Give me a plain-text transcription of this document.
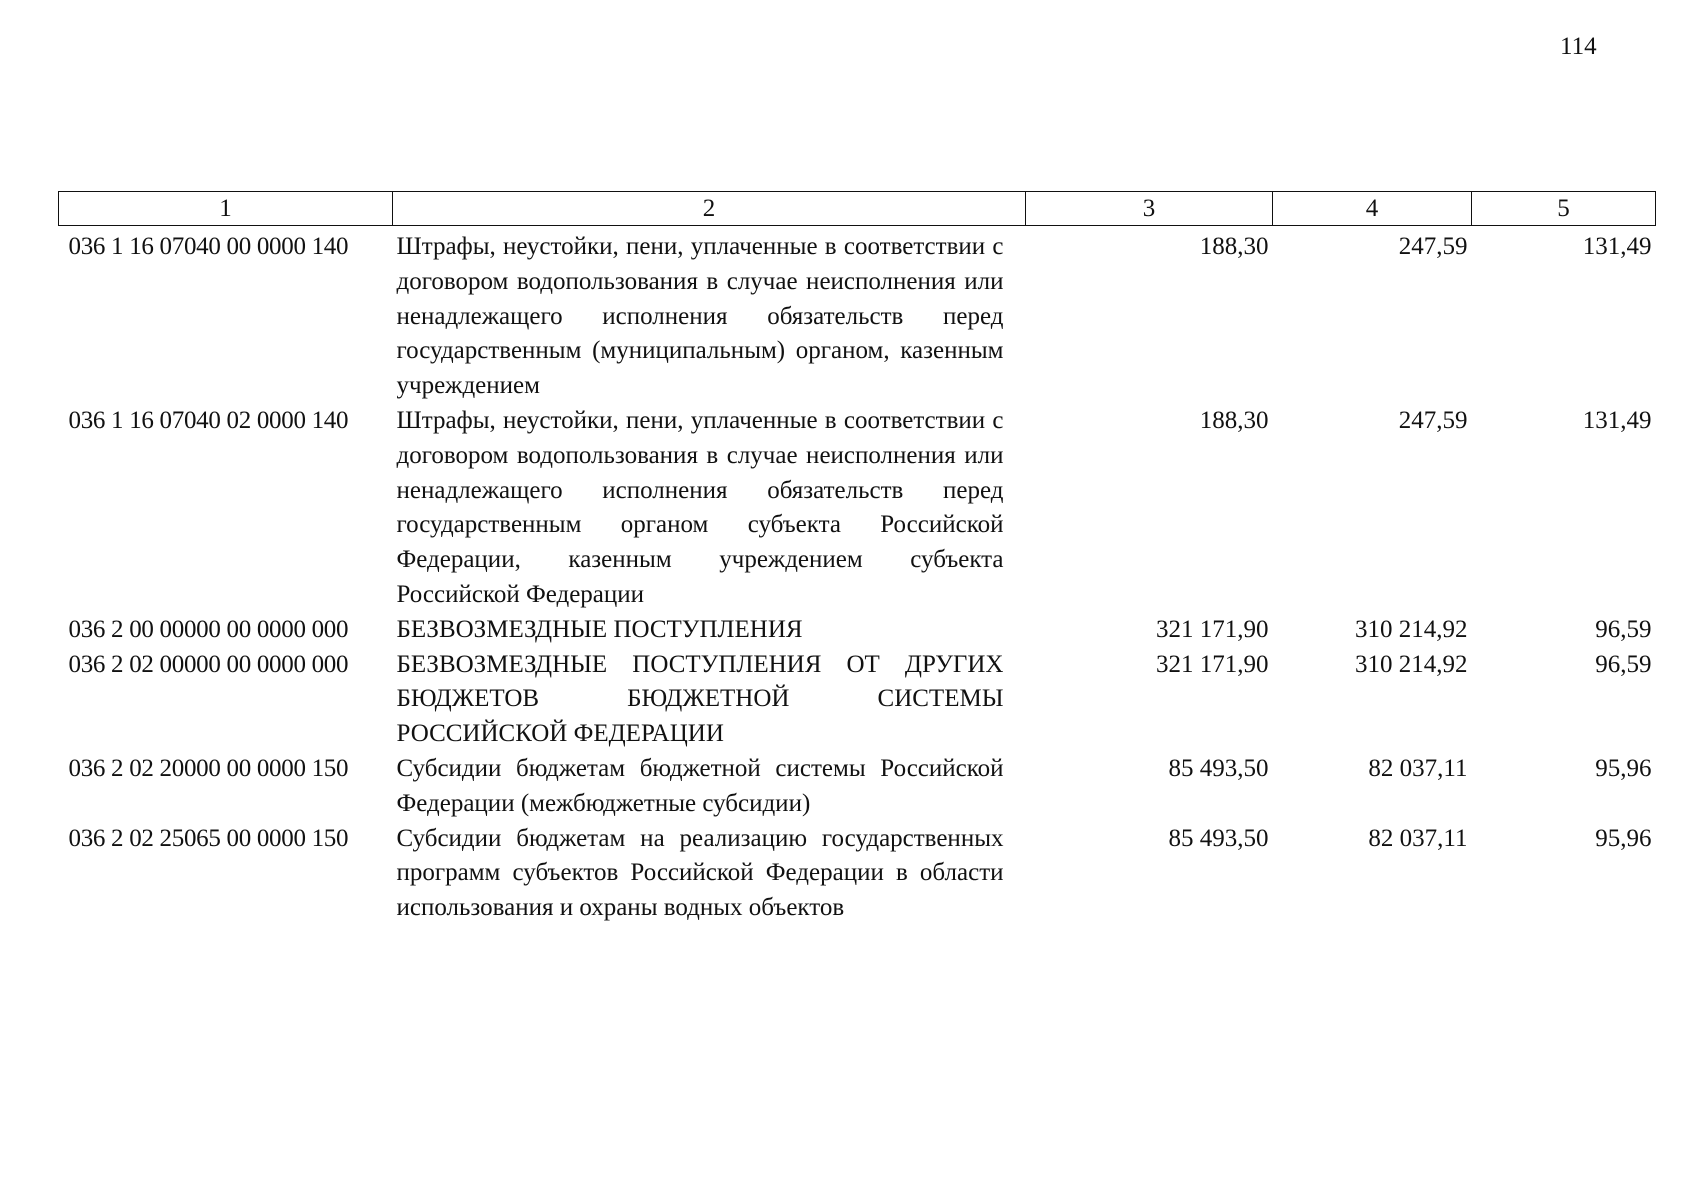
114
1	2	3	4	5
036 1 16 07040 00 0000 140	Штрафы, неустойки, пени, уплаченные в соответствии с договором водопользования в случае неисполнения или ненадлежащего исполнения обязательств перед государственным (муниципальным) органом, казенным учреждением	188,30	247,59	131,49
036 1 16 07040 02 0000 140	Штрафы, неустойки, пени, уплаченные в соответствии с договором водопользования в случае неисполнения или ненадлежащего исполнения обязательств перед государственным органом субъекта Российской Федерации, казенным учреждением субъекта Российской Федерации	188,30	247,59	131,49
036 2 00 00000 00 0000 000	БЕЗВОЗМЕЗДНЫЕ ПОСТУПЛЕНИЯ	321 171,90	310 214,92	96,59
036 2 02 00000 00 0000 000	БЕЗВОЗМЕЗДНЫЕ ПОСТУПЛЕНИЯ ОТ ДРУГИХ БЮДЖЕТОВ БЮДЖЕТНОЙ СИСТЕМЫ РОССИЙСКОЙ ФЕДЕРАЦИИ	321 171,90	310 214,92	96,59
036 2 02 20000 00 0000 150	Субсидии бюджетам бюджетной системы Российской Федерации (межбюджетные субсидии)	85 493,50	82 037,11	95,96
036 2 02 25065 00 0000 150	Субсидии бюджетам на реализацию государственных программ субъектов Российской Федерации в области использования и охраны водных объектов	85 493,50	82 037,11	95,96
